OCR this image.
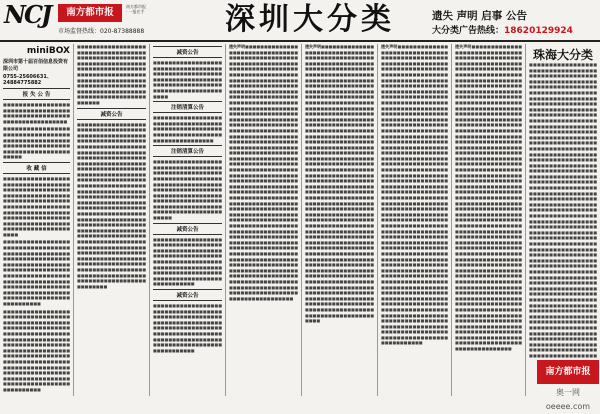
NCJ	南方都市报
南方都市报 · 一报在手
市场监督热线：020-87388888	深圳大分类	遗失 声明 启事 公告
大分类广告热线：18620129924
miniBOX
深圳市第十届百佰信息投资有限公司
0755-25606631、24884775882
报 失 公 告

■■■■■■■■■■■■■■■■■■■■■■■■■■■■■■■■■■■■■■■■■■■■■■■■■■■■■■■■■■■■■■■■■■■■

■■■■■■■■■■■■■■■■■■■■■■■■■■■■■■■■■■■■■■■■■■■■■■■■■■■■■■■■■■■■■■■■■■■■■■■■■■■■■■■■■■■■■■■■■■

收 藏 信

■■■■■■■■■■■■■■■■■■■■■■■■■■■■■■■■■■■■■■■■■■■■■■■■■■■■■■■■■■■■■■■■■■■■■■■■■■■■■■■■■■■■■■■■■■■■■■■■■■■■■■■■■■■■■■■■■■■■■■■■■■■■■■■■■■■■■■■■■■■■■■■■■■■■■■■■■■■■■■■■■■■■■■■■■■■■■■

■■■■■■■■■■■■■■■■■■■■■■■■■■■■■■■■■■■■■■■■■■■■■■■■■■■■■■■■■■■■■■■■■■■■■■■■■■■■■■■■■■■■■■■■■■■■■■■■■■■■■■■■■■■■■■■■■■■■■■■■■■■■■■■■■■■■■■■■■■■■■■■■■■■■■■■■■■■■■■■■■■■■■■■■■■■■■■■■■■■■■■■■■■■■■■■■■■■■■

■■■■■■■■■■■■■■■■■■■■■■■■■■■■■■■■■■■■■■■■■■■■■■■■■■■■■■■■■■■■■■■■■■■■■■■■■■■■■■■■■■■■■■■■■■■■■■■■■■■■■■■■■■■■■■■■■■■■■■■■■■■■■■■■■■■■■■■■■■■■■■■■■■■■■■■■■■■■■■■■■■■■■■■■■■■■■■■■■■■■■■■■■■■■■■■■■■■■■■■■■■■■■■■■■■■■■■■■■■■■■■■■■■■■■■■■■■■■■■■■■■■■■■■■

■■■■■■■■■■■■■■■■■■■■■■■■■■■■■■■■■■■■■■■■■■■■■■■■■■■■■■■■■■■■■■■■■■■■■■■■■■■■■■■■■■■■■■■■■■■■■■■■■■■■■■■■■■■■■■■■■■■■■■■■■■■■■■■■■■■■■■■■■■■■■■■■■■■■■■■■■■■■■■■■■■■■■■■■■■■■■■■■■■■■■■■■■■

减资公告

■■■■■■■■■■■■■■■■■■■■■■■■■■■■■■■■■■■■■■■■■■■■■■■■■■■■■■■■■■■■■■■■■■■■■■■■■■■■■■■■■■■■■■■■■■■■■■■■■■■■■■■■■■■■■■■■■■■■■■■■■■■■■■■■■■■■■■■■■■■■■■■■■■■■■■■■■■■■■■■■■■■■■■■■■■■■■■■■■■■■■■■■■■■■■■■■■■■■■■■■■■■■■■■■■■■■■■■■■■■■■■■■■■■■■■■■■■■■■■■■■■■■■■■■■■■■■■■■■■■■■■■■■■■■■■■■■■■■■■■■■■■■■■■■■■■■■■■■■■■■■■■■■■■■■■■■■■■■■■■■■■■■■■■■■■■■■■■■■■■■■■■■■■■■■■■■■■■■■■■■■■■■■■■■■■■■■■■■■■■■■■■■■■■■■■■■■■■■■■■■■■■■■■■■■■■■■■■■■■■■■■■■■■■■■■■■■■■■■■■■■■■■■■■■■■■■■■■■■■■■■■■■■■■■■■■■■■■■■■■■■■■■■■■■■■■■■■■■■■■■■■■■■■■■■■■■■■■■■■■■■■■■■■■■■■

减资公告

■■■■■■■■■■■■■■■■■■■■■■■■■■■■■■■■■■■■■■■■■■■■■■■■■■■■■■■■■■■■■■■■■■■■■■■■■■■■■■■■■■■■■■■■■■■■■■■■■■■■■■■■■■■■■■■■

注销清算公告

■■■■■■■■■■■■■■■■■■■■■■■■■■■■■■■■■■■■■■■■■■■■■■■■■■■■■■■■■■■■■■■■■■■■■■■■■■■■■■■■■■■■■■■■

注销清算公告

■■■■■■■■■■■■■■■■■■■■■■■■■■■■■■■■■■■■■■■■■■■■■■■■■■■■■■■■■■■■■■■■■■■■■■■■■■■■■■■■■■■■■■■■■■■■■■■■■■■■■■■■■■■■■■■■■■■■■■■■■■■■■■■■■■■■■■■■■■■■■■■■■■■■■■■■■■■■■■■■■■■■■■■■■■■■■■■■■■■■■■■■■

减资公告

■■■■■■■■■■■■■■■■■■■■■■■■■■■■■■■■■■■■■■■■■■■■■■■■■■■■■■■■■■■■■■■■■■■■■■■■■■■■■■■■■■■■■■■■■■■■■■■■■■■■■■■■■■■■■■■■■■■■■■■■■■■■■■■■■■■■■■■■■■■■■■■■■■■■■■■■■■■

减资公告

■■■■■■■■■■■■■■■■■■■■■■■■■■■■■■■■■■■■■■■■■■■■■■■■■■■■■■■■■■■■■■■■■■■■■■■■■■■■■■■■■■■■■■■■■■■■■■■■■■■■■■■■■■■■■■■■■■■■■■■■■■■■■■■■■■■■■■■■■■■■■■■■■■■■■■■■■■■

遗失声明■■■■■■■■■■■■■■■■■■■■■■■■■■■■■■■■■■■■■■■■■■■■■■■■■■■■■■■■■■■■■■■■■■■■■■■■■■■■■■■■■■■■■■■■■■■■■■■■■■■■■■■■■■■■■■■■■■■■■■■■■■■■■■■■■■■■■■■■■■■■■■■■■■■■■■■■■■■■■■■■■■■■■■■■■■■■■■■■■■■■■■■■■■■■■■■■■■■■■■■■■■■■■■■■■■■■■■■■■■■■■■■■■■■■■■■■■■■■■■■■■■■■■■■■■■■■■■■■■■■■■■■■■■■■■■■■■■■■■■■■■■■■■■■■■■■■■■■■■■■■■■■■■■■■■■■■■■■■■■■■■■■■■■■■■■■■■■■■■■■■■■■■■■■■■■■■■■■■■■■■■■■■■■■■■■■■■■■■■■■■■■■■■■■■■■■■■■■■■■■■■■■■■■■■■■■■■■■■■■■■■■■■■■■■■■■■■■■■■■■■■■■■■■■■■■■■■■■■■■■■■■■■■■■■■■■■■■■■■■■■■■■■■■■■■■■■■■■■■■■■■■■■■■■■■■■■■■■■■■■■■■■■■■■■■■■■■■■■■■■■■■■■■■■■■■■■■■■■■■■■■■■■■■■■■■■■■■■■■■■■■■■■■■■■■■■■■■■■■■■■■■■■■■■■■■■■■■■■■■■■■■■■■■■■■■■■■■■■■■■■■■■■■■■■■■■■■■■■■■■■■■■■■■■■■■■■■■■■■■■■■■■■■■■■■■■■■■■■■■■■■■■■■■■■■■■■■■■■■■■■■■■■■■■■■■■■■■■■■■■■■■■■■■■■■■■■■■■■■■■■■■■■■■■■■■■■■■■■■■■■■■■■■■■■■■■■■■■■■■■■■■■■■■■■■■■■■■■■■■■■■■■

遗失声明■■■■■■■■■■■■■■■■■■■■■■■■■■■■■■■■■■■■■■■■■■■■■■■■■■■■■■■■■■■■■■■■■■■■■■■■■■■■■■■■■■■■■■■■■■■■■■■■■■■■■■■■■■■■■■■■■■■■■■■■■■■■■■■■■■■■■■■■■■■■■■■■■■■■■■■■■■■■■■■■■■■■■■■■■■■■■■■■■■■■■■■■■■■■■■■■■■■■■■■■■■■■■■■■■■■■■■■■■■■■■■■■■■■■■■■■■■■■■■■■■■■■■■■■■■■■■■■■■■■■■■■■■■■■■■■■■■■■■■■■■■■■■■■■■■■■■■■■■■■■■■■■■■■■■■■■■■■■■■■■■■■■■■■■■■■■■■■■■■■■■■■■■■■■■■■■■■■■■■■■■■■■■■■■■■■■■■■■■■■■■■■■■■■■■■■■■■■■■■■■■■■■■■■■■■■■■■■■■■■■■■■■■■■■■■■■■■■■■■■■■■■■■■■■■■■■■■■■■■■■■■■■■■■■■■■■■■■■■■■■■■■■■■■■■■■■■■■■■■■■■■■■■■■■■■■■■■■■■■■■■■■■■■■■■■■■■■■■■■■■■■■■■■■■■■■■■■■■■■■■■■■■■■■■■■■■■■■■■■■■■■■■■■■■■■■■■■■■■■■■■■■■■■■■■■■■■■■■■■■■■■■■■■■■■■■■■■■■■■■■■■■■■■■■■■■■■■■■■■■■■■■■■■■■■■■■■■■■■■■■■■■■■■■■■■■■■■■■■■■■■■■■■■■■■■■■■■■■■■■■■■■■■■■■■■■■■■■■■■■■■■■■■■■■■■■■■■■■■■■■■■■■■■■■■■■■■■■■■■■■■■■■■■■■■■■■■■■■■■■■■■■■■■■■■■■■■■■■■■■■■■■■■■■■■■■■■■■■■■■■■■■■■■■■■■■■■■■■■■■■■■■■■■■■■■■■■■■■■■■■■■

遗失声明■■■■■■■■■■■■■■■■■■■■■■■■■■■■■■■■■■■■■■■■■■■■■■■■■■■■■■■■■■■■■■■■■■■■■■■■■■■■■■■■■■■■■■■■■■■■■■■■■■■■■■■■■■■■■■■■■■■■■■■■■■■■■■■■■■■■■■■■■■■■■■■■■■■■■■■■■■■■■■■■■■■■■■■■■■■■■■■■■■■■■■■■■■■■■■■■■■■■■■■■■■■■■■■■■■■■■■■■■■■■■■■■■■■■■■■■■■■■■■■■■■■■■■■■■■■■■■■■■■■■■■■■■■■■■■■■■■■■■■■■■■■■■■■■■■■■■■■■■■■■■■■■■■■■■■■■■■■■■■■■■■■■■■■■■■■■■■■■■■■■■■■■■■■■■■■■■■■■■■■■■■■■■■■■■■■■■■■■■■■■■■■■■■■■■■■■■■■■■■■■■■■■■■■■■■■■■■■■■■■■■■■■■■■■■■■■■■■■■■■■■■■■■■■■■■■■■■■■■■■■■■■■■■■■■■■■■■■■■■■■■■■■■■■■■■■■■■■■■■■■■■■■■■■■■■■■■■■■■■■■■■■■■■■■■■■■■■■■■■■■■■■■■■■■■■■■■■■■■■■■■■■■■■■■■■■■■■■■■■■■■■■■■■■■■■■■■■■■■■■■■■■■■■■■■■■■■■■■■■■■■■■■■■■■■■■■■■■■■■■■■■■■■■■■■■■■■■■■■■■■■■■■■■■■■■■■■■■■■■■■■■■■■■■■■■■■■■■■■■■■■■■■■■■■■■■■■■■■■■■■■■■■■■■■■■■■■■■■■■■■■■■■■■■■■■■■■■■■■■■■■■■■■■■■■■■■■■■■■■■■■■■■■■■■■■■■■■■■■■■■■■■■■■■■■■■■■■■■■■■■■■■■■■■■■■■■■■■■■■■■■■■■■■■■■■■■■■■■■■■■■■■■■■■■■■■■■■■■■■■■■■■■■■■■■■■■■■■■■■■■■■■■■■■■

遗失声明■■■■■■■■■■■■■■■■■■■■■■■■■■■■■■■■■■■■■■■■■■■■■■■■■■■■■■■■■■■■■■■■■■■■■■■■■■■■■■■■■■■■■■■■■■■■■■■■■■■■■■■■■■■■■■■■■■■■■■■■■■■■■■■■■■■■■■■■■■■■■■■■■■■■■■■■■■■■■■■■■■■■■■■■■■■■■■■■■■■■■■■■■■■■■■■■■■■■■■■■■■■■■■■■■■■■■■■■■■■■■■■■■■■■■■■■■■■■■■■■■■■■■■■■■■■■■■■■■■■■■■■■■■■■■■■■■■■■■■■■■■■■■■■■■■■■■■■■■■■■■■■■■■■■■■■■■■■■■■■■■■■■■■■■■■■■■■■■■■■■■■■■■■■■■■■■■■■■■■■■■■■■■■■■■■■■■■■■■■■■■■■■■■■■■■■■■■■■■■■■■■■■■■■■■■■■■■■■■■■■■■■■■■■■■■■■■■■■■■■■■■■■■■■■■■■■■■■■■■■■■■■■■■■■■■■■■■■■■■■■■■■■■■■■■■■■■■■■■■■■■■■■■■■■■■■■■■■■■■■■■■■■■■■■■■■■■■■■■■■■■■■■■■■■■■■■■■■■■■■■■■■■■■■■■■■■■■■■■■■■■■■■■■■■■■■■■■■■■■■■■■■■■■■■■■■■■■■■■■■■■■■■■■■■■■■■■■■■■■■■■■■■■■■■■■■■■■■■■■■■■■■■■■■■■■■■■■■■■■■■■■■■■■■■■■■■■■■■■■■■■■■■■■■■■■■■■■■■■■■■■■■■■■■■■■■■■■■■■■■■■■■■■■■■■■■■■■■■■■■■■■■■■■■■■■■■■■■■■■■■■■■■■■■■■■■■■■■■■■■■■■■■■■■■■■■■■■■■■■■■■■■■■■■■■■■■■■■■■■■■■■■■■■■■■■■■■■■■■■■■■■■■■■■■■■■■■■■■■■■■■■■■■■■■■■■■■■■■■■■■■■■■■■■■■■■■■■■■■■■■■■■■■■■■■

■■■■■■■■■■■■■■■■■■■■■■■■■■■■■■■■■■■■■■■■■■■■■■■■■■■■■■■■■■■■■■■■■■■■■■■■■■■■■■■■■■■■■■■■■■■■■■■■■■■■■■■■■■■■■■■■■■■■■■■■■■■■■■■■■■■■■■■■■■■■■■■■■■■■■■■■■■■■■■■■■■■■■■■■■■■■■■■■■■■■■■■■■■■■■■■■■■■■■■■■■■■■■■■■■■■■■■■■■■■■■■■■■■■■■■■■■■■■■■■■■■■■■■■■■■■■■■■■■■■■■■■■■■■■■■■■■■■■■■■■■■■■■■■■■■■■■■■■■■■■■■■■■■■■■■■■■■■■■■■■■■■■■■■■■■■■■■■■■■■■■■■■■■■■■■■■■■■■■■■■■■■■■■■■■■■■■■■■■■■■■■■■■■■■■■■■■■■■■■■■■■■■■■■■■■■■■■■■■■■■■■■■■■■■■■■■■■■■■■■■■■■■■■■■■■■■■■■■■■■■■■■■■■■■■■■■■■■■■■■■■■■■■■■■■■■■■■■■■■■■■■■■■■■■■■■■■■■■■■■■■■■■■■■■■■■■■■■■■■■■■■■■■■■■■■■■■■■■■■■■■■■■■■■■■■■■■■■■■■■■■■■■■■■■■■■■■■■■■■■■■■■■■■■■■■■■■■■■■■■■■■■■■■■■■■■■■■■■■■■■■■■■■■■■■■■■■■■■■■■■■■■■■■■■■■■■■■■■■■■■■■■■■■■■■■■■■■■■■■■■■■■■■■■■■■■■■■■■■■■■■■■■■■■■■■■■■■■■■■■■■■■■■■■■■■■■■■■■■■■■■■■■■■■■■■■■■■■■■■■■■■■■■■■■■■■■■■■■■■■■■■■■■■■■■■■■■■■■■■■■■■■■■■■■■■■■■■■■■■■■■■■■■■■■■■■■■■■■■■■■■■■■■■■■■■■■■■■■■■■■■■■■■■■■■■■■■■■■■■■■■

珠海大分类
南方都市报
奥一网 oeeee.com
